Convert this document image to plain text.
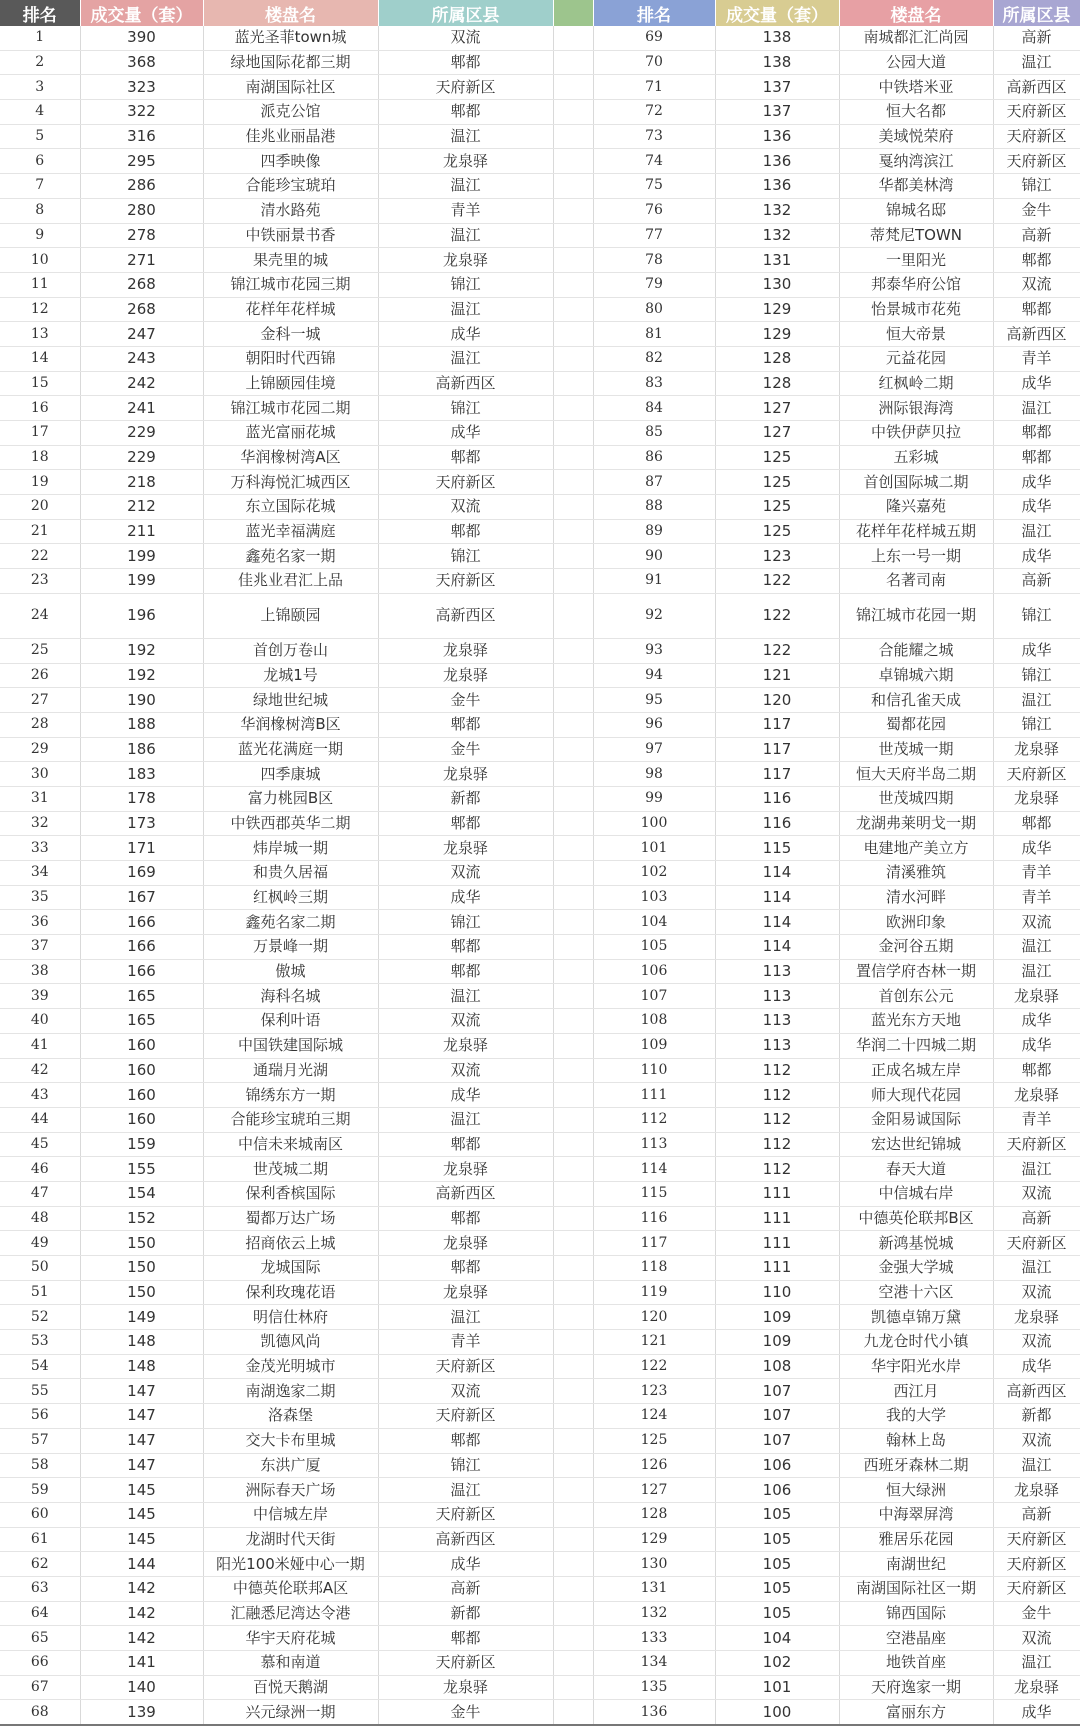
排名	成交量（套）	楼盘名	所属区县		排名	成交量（套）	楼盘名	所属区县
1	390	蓝光圣菲town城	双流		69	138	南城都汇汇尚园	高新
2	368	绿地国际花都三期	郫都		70	138	公园大道	温江
3	323	南湖国际社区	天府新区		71	137	中铁塔米亚	高新西区
4	322	派克公馆	郫都		72	137	恒大名都	天府新区
5	316	佳兆业丽晶港	温江		73	136	美域悦荣府	天府新区
6	295	四季映像	龙泉驿		74	136	戛纳湾滨江	天府新区
7	286	合能珍宝琥珀	温江		75	136	华都美林湾	锦江
8	280	清水路苑	青羊		76	132	锦城名邸	金牛
9	278	中铁丽景书香	温江		77	132	蒂梵尼TOWN	高新
10	271	果壳里的城	龙泉驿		78	131	一里阳光	郫都
11	268	锦江城市花园三期	锦江		79	130	邦泰华府公馆	双流
12	268	花样年花样城	温江		80	129	怡景城市花苑	郫都
13	247	金科一城	成华		81	129	恒大帝景	高新西区
14	243	朝阳时代西锦	温江		82	128	元益花园	青羊
15	242	上锦颐园佳境	高新西区		83	128	红枫岭二期	成华
16	241	锦江城市花园二期	锦江		84	127	洲际银海湾	温江
17	229	蓝光富丽花城	成华		85	127	中铁伊萨贝拉	郫都
18	229	华润橡树湾A区	郫都		86	125	五彩城	郫都
19	218	万科海悦汇城西区	天府新区		87	125	首创国际城二期	成华
20	212	东立国际花城	双流		88	125	隆兴嘉苑	成华
21	211	蓝光幸福满庭	郫都		89	125	花样年花样城五期	温江
22	199	鑫苑名家一期	锦江		90	123	上东一号一期	成华
23	199	佳兆业君汇上品	天府新区		91	122	名著司南	高新
24	196	上锦颐园	高新西区		92	122	锦江城市花园一期	锦江
25	192	首创万卷山	龙泉驿		93	122	合能耀之城	成华
26	192	龙城1号	龙泉驿		94	121	卓锦城六期	锦江
27	190	绿地世纪城	金牛		95	120	和信孔雀天成	温江
28	188	华润橡树湾B区	郫都		96	117	蜀都花园	锦江
29	186	蓝光花满庭一期	金牛		97	117	世茂城一期	龙泉驿
30	183	四季康城	龙泉驿		98	117	恒大天府半岛二期	天府新区
31	178	富力桃园B区	新都		99	116	世茂城四期	龙泉驿
32	173	中铁西郡英华二期	郫都		100	116	龙湖弗莱明戈一期	郫都
33	171	炜岸城一期	龙泉驿		101	115	电建地产美立方	成华
34	169	和贵久居福	双流		102	114	清溪雅筑	青羊
35	167	红枫岭三期	成华		103	114	清水河畔	青羊
36	166	鑫苑名家二期	锦江		104	114	欧洲印象	双流
37	166	万景峰一期	郫都		105	114	金河谷五期	温江
38	166	傲城	郫都		106	113	置信学府杏林一期	温江
39	165	海科名城	温江		107	113	首创东公元	龙泉驿
40	165	保利叶语	双流		108	113	蓝光东方天地	成华
41	160	中国铁建国际城	龙泉驿		109	113	华润二十四城二期	成华
42	160	通瑞月光湖	双流		110	112	正成名城左岸	郫都
43	160	锦绣东方一期	成华		111	112	师大现代花园	龙泉驿
44	160	合能珍宝琥珀三期	温江		112	112	金阳易诚国际	青羊
45	159	中信未来城南区	郫都		113	112	宏达世纪锦城	天府新区
46	155	世茂城二期	龙泉驿		114	112	春天大道	温江
47	154	保利香槟国际	高新西区		115	111	中信城右岸	双流
48	152	蜀都万达广场	郫都		116	111	中德英伦联邦B区	高新
49	150	招商依云上城	龙泉驿		117	111	新鸿基悦城	天府新区
50	150	龙城国际	郫都		118	111	金强大学城	温江
51	150	保利玫瑰花语	龙泉驿		119	110	空港十六区	双流
52	149	明信仕林府	温江		120	109	凯德卓锦万黛	龙泉驿
53	148	凯德风尚	青羊		121	109	九龙仓时代小镇	双流
54	148	金茂光明城市	天府新区		122	108	华宇阳光水岸	成华
55	147	南湖逸家二期	双流		123	107	西江月	高新西区
56	147	洛森堡	天府新区		124	107	我的大学	新都
57	147	交大卡布里城	郫都		125	107	翰林上岛	双流
58	147	东洪广厦	锦江		126	106	西班牙森林二期	温江
59	145	洲际春天广场	温江		127	106	恒大绿洲	龙泉驿
60	145	中信城左岸	天府新区		128	105	中海翠屏湾	高新
61	145	龙湖时代天街	高新西区		129	105	雅居乐花园	天府新区
62	144	阳光100米娅中心一期	成华		130	105	南湖世纪	天府新区
63	142	中德英伦联邦A区	高新		131	105	南湖国际社区一期	天府新区
64	142	汇融悉尼湾达令港	新都		132	105	锦西国际	金牛
65	142	华宇天府花城	郫都		133	104	空港晶座	双流
66	141	慕和南道	天府新区		134	102	地铁首座	温江
67	140	百悦天鹅湖	龙泉驿		135	101	天府逸家一期	龙泉驿
68	139	兴元绿洲一期	金牛		136	100	富丽东方	成华
